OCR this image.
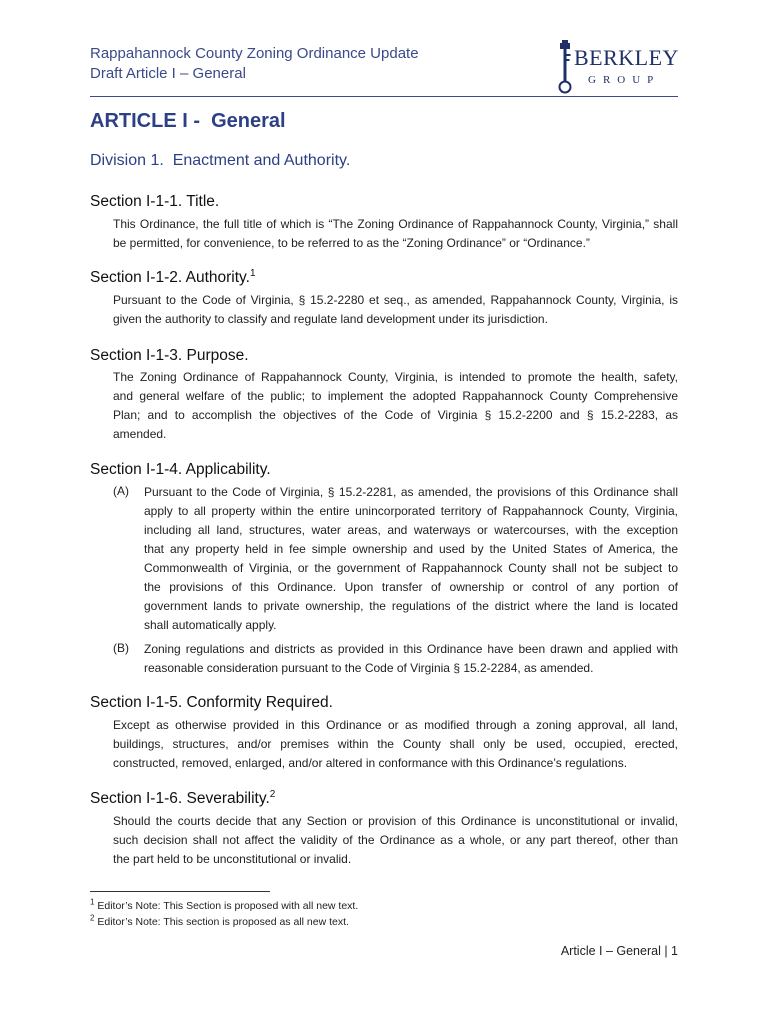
Rappahannock County Zoning Ordinance Update
Draft Article I – General
BERKLEY
GROUP
ARTICLE I -  General
Division 1.  Enactment and Authority.
Section I-1-1. Title.

This Ordinance, the full title of which is “The Zoning Ordinance of Rappahannock County, Virginia,” shall
be permitted, for convenience, to be referred to as the “Zoning Ordinance” or “Ordinance.”

Section I-1-2. Authority.$^1$

Pursuant to the Code of Virginia, § 15.2-2280 et seq., as amended, Rappahannock County, Virginia, is
given the authority to classify and regulate land development under its jurisdiction.

Section I-1-3. Purpose.

The Zoning Ordinance of Rappahannock County, Virginia, is intended to promote the health, safety,
and general welfare of the public; to implement the adopted Rappahannock County Comprehensive
Plan; and to accomplish the objectives of the Code of Virginia § 15.2-2200 and § 15.2-2283, as
amended.

Section I-1-4. Applicability.
(A) Pursuant to the Code of Virginia, § 15.2-2281, as amended, the provisions of this Ordinance shall
apply to all property within the entire unincorporated territory of Rappahannock County, Virginia,
including all land, structures, water areas, and waterways or watercourses, with the exception
that any property held in fee simple ownership and used by the United States of America, the
Commonwealth of Virginia, or the government of Rappahannock County shall not be subject to
the provisions of this Ordinance. Upon transfer of ownership or control of any portion of
government lands to private ownership, the regulations of the district where the land is located
shall automatically apply.

(B) Zoning regulations and districts as provided in this Ordinance have been drawn and applied with
reasonable consideration pursuant to the Code of Virginia § 15.2-2284, as amended.

Section I-1-5. Conformity Required.

Except as otherwise provided in this Ordinance or as modified through a zoning approval, all land,
buildings, structures, and/or premises within the County shall only be used, occupied, erected,
constructed, removed, enlarged, and/or altered in conformance with this Ordinance’s regulations.

Section I-1-6. Severability.$^2$

Should the courts decide that any Section or provision of this Ordinance is unconstitutional or invalid,
such decision shall not affect the validity of the Ordinance as a whole, or any part thereof, other than
the part held to be unconstitutional or invalid.

$^1$ Editor’s Note: This Section is proposed with all new text.
$^2$ Editor’s Note: This section is proposed as all new text.
Article I – General | 1
